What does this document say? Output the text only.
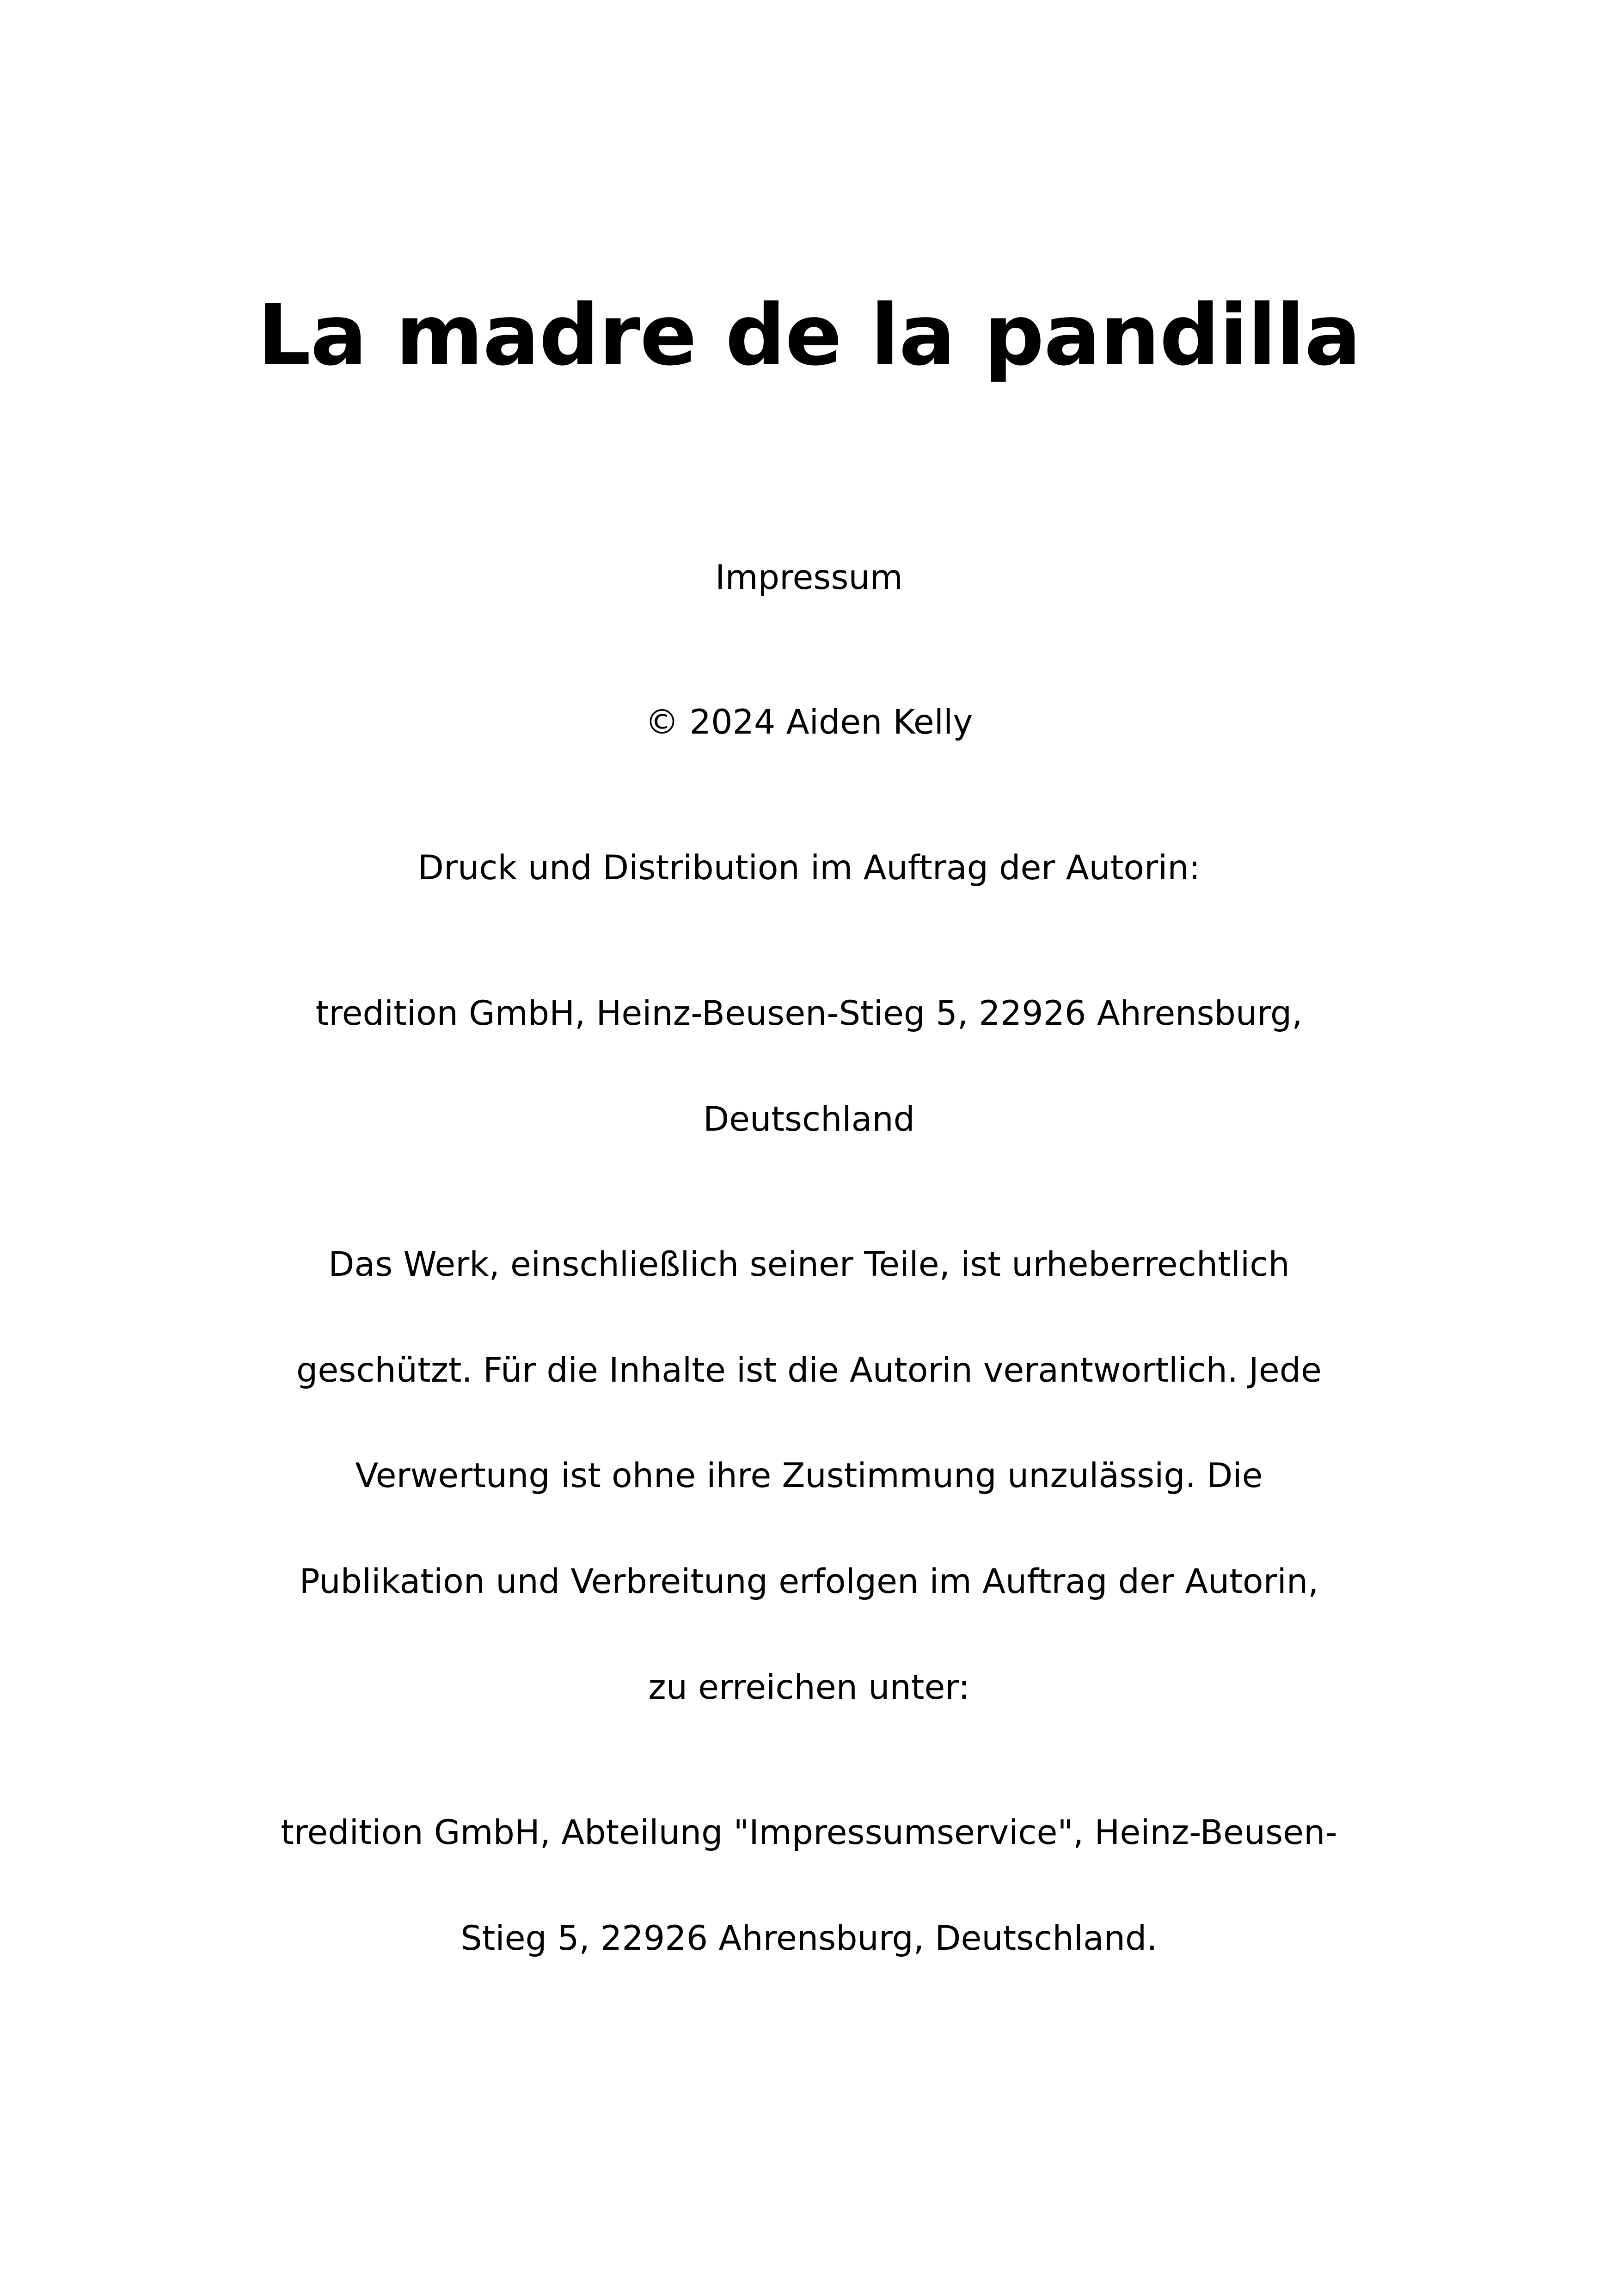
La madre de la pandilla

Impressum

© 2024 Aiden Kelly

Druck und Distribution im Auftrag der Autorin:

tredition GmbH, Heinz-Beusen-Stieg 5, 22926 Ahrensburg,

Deutschland

Das Werk, einschließlich seiner Teile, ist urheberrechtlich

geschützt. Für die Inhalte ist die Autorin verantwortlich. Jede

Verwertung ist ohne ihre Zustimmung unzulässig. Die

Publikation und Verbreitung erfolgen im Auftrag der Autorin,

zu erreichen unter:

tredition GmbH, Abteilung "Impressumservice", Heinz-Beusen-

Stieg 5, 22926 Ahrensburg, Deutschland.
